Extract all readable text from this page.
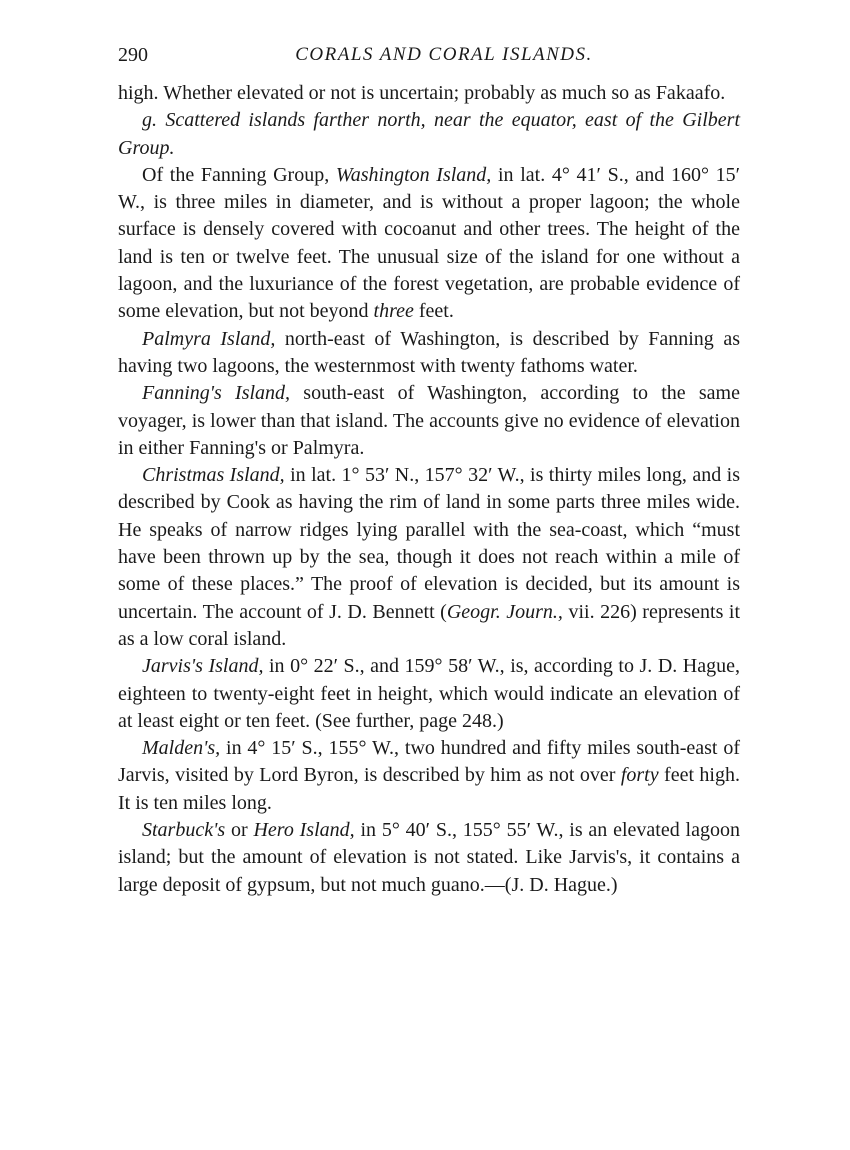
290	CORALS AND CORAL ISLANDS.

high. Whether elevated or not is uncertain; probably as much so as Fakaafo.

g. Scattered islands farther north, near the equator, east of the Gilbert Group.

Of the Fanning Group, Washington Island, in lat. 4° 41′ S., and 160° 15′ W., is three miles in diameter, and is without a proper lagoon; the whole surface is densely covered with cocoanut and other trees. The height of the land is ten or twelve feet. The unusual size of the island for one without a lagoon, and the luxuriance of the forest vegetation, are probable evidence of some elevation, but not beyond three feet.

Palmyra Island, north-east of Washington, is described by Fanning as having two lagoons, the westernmost with twenty fathoms water.

Fanning's Island, south-east of Washington, according to the same voyager, is lower than that island. The accounts give no evidence of elevation in either Fanning's or Palmyra.

Christmas Island, in lat. 1° 53′ N., 157° 32′ W., is thirty miles long, and is described by Cook as having the rim of land in some parts three miles wide. He speaks of narrow ridges lying parallel with the sea-coast, which “must have been thrown up by the sea, though it does not reach within a mile of some of these places.” The proof of elevation is decided, but its amount is uncertain. The account of J. D. Bennett (Geogr. Journ., vii. 226) represents it as a low coral island.

Jarvis's Island, in 0° 22′ S., and 159° 58′ W., is, according to J. D. Hague, eighteen to twenty-eight feet in height, which would indicate an elevation of at least eight or ten feet. (See further, page 248.)

Malden's, in 4° 15′ S., 155° W., two hundred and fifty miles south-east of Jarvis, visited by Lord Byron, is described by him as not over forty feet high. It is ten miles long.

Starbuck's or Hero Island, in 5° 40′ S., 155° 55′ W., is an elevated lagoon island; but the amount of elevation is not stated. Like Jarvis's, it contains a large deposit of gypsum, but not much guano.—(J. D. Hague.)
